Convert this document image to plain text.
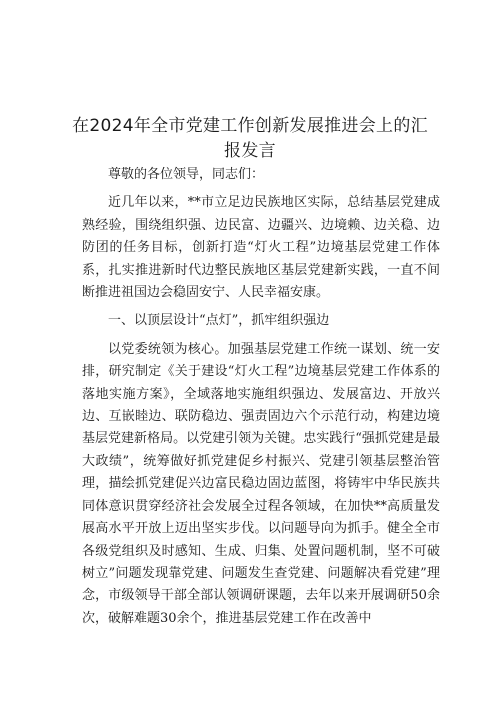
在2024年全市党建工作创新发展推进会上的汇报发言

尊敬的各位领导，同志们：

近几年以来，**市立足边民族地区实际，总结基层党建成熟经验，围绕组织强、边民富、边疆兴、边境赖、边关稳、边防团的任务目标，创新打造“灯火工程”边境基层党建工作体系，扎实推进新时代边整民族地区基层党建新实践，一直不间断推进祖国边会稳固安宁、人民幸福安康。

一、以顶层设计“点灯”，抓牢组织强边

以党委统领为核心。加强基层党建工作统一谋划、统一安排，研究制定《关于建设“灯火工程”边境基层党建工作体系的落地实施方案》，全域落地实施组织强边、发展富边、开放兴边、互嵌睦边、联防稳边、强责固边六个示范行动，构建边境基层党建新格局。以党建引领为关键。忠实践行“强抓党建是最大政绩”，统筹做好抓党建促乡村振兴、党建引领基层整治管理，描绘抓党建促兴边富民稳边固边蓝图，将铸牢中华民族共同体意识贯穿经济社会发展全过程各领域，在加快**高质量发展高水平开放上迈出坚实步伐。以问题导向为抓手。健全全市各级党组织及时感知、生成、归集、处置问题机制，坚不可破树立”问题发现靠党建、问题发生查党建、问题解决看党建”理念，市级领导干部全部认领调研课题，去年以来开展调研50余次，破解难题30余个，推进基层党建工作在改善中
